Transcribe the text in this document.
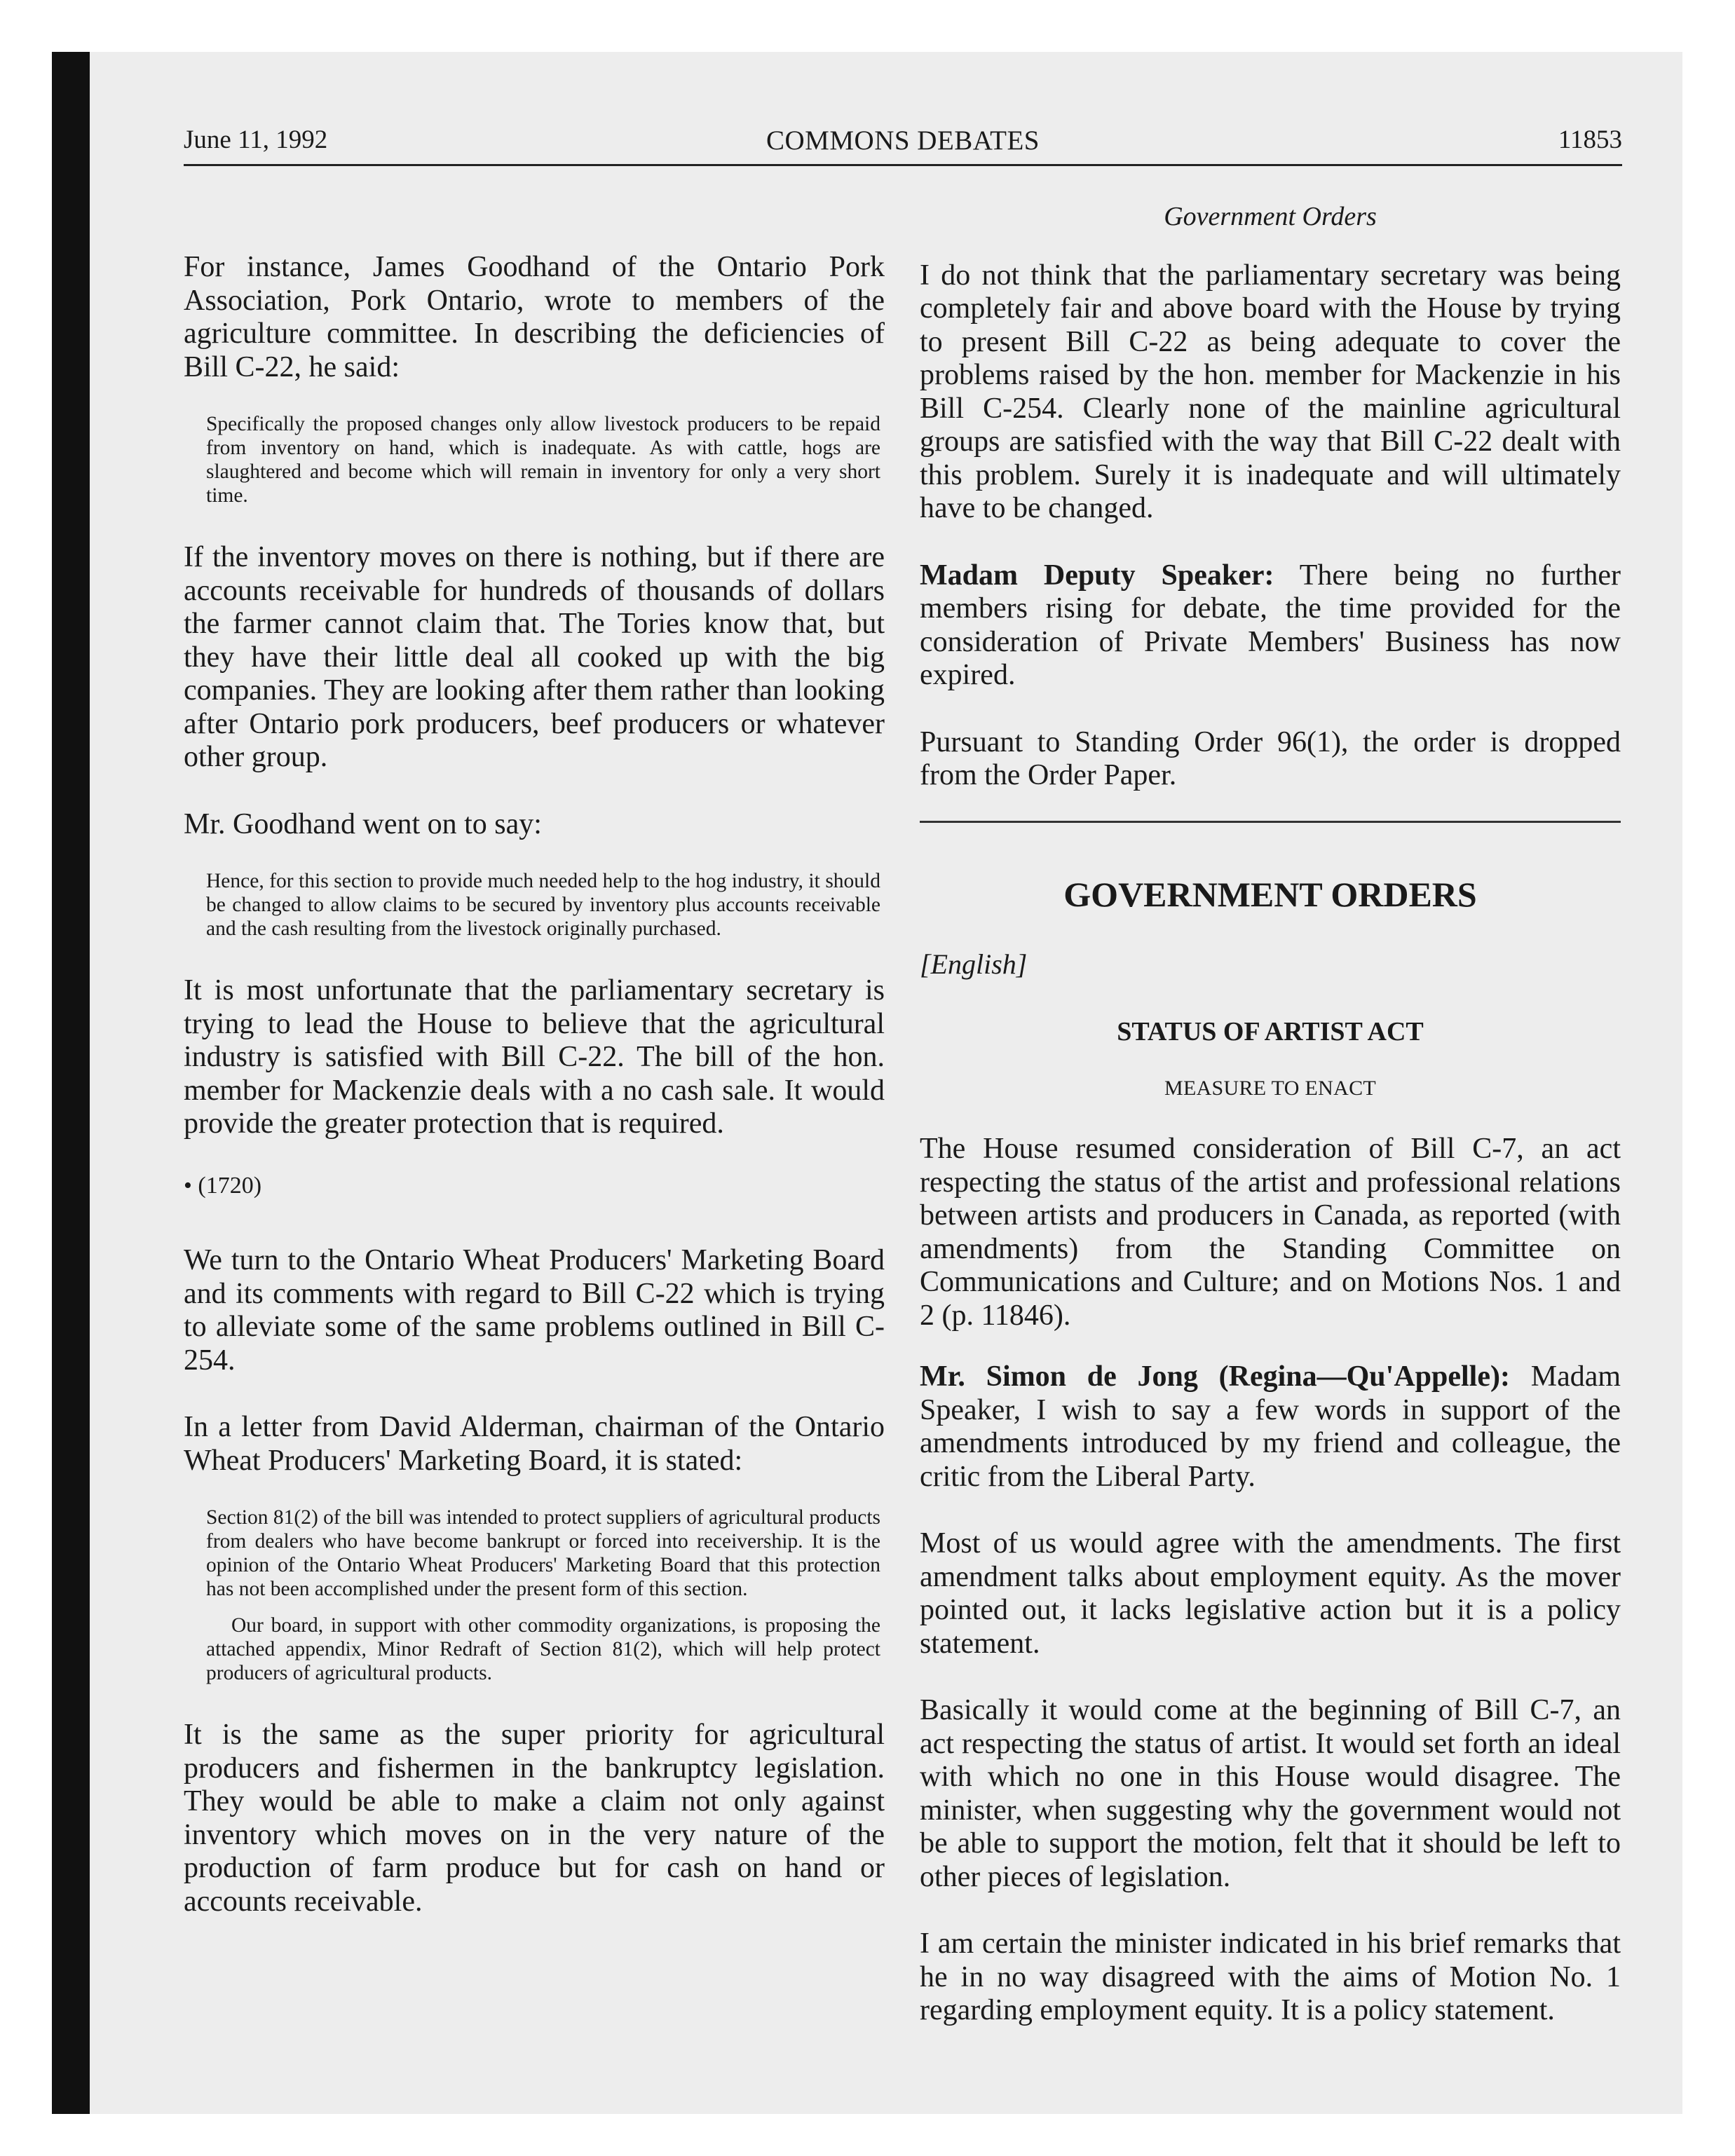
June 11, 1992	COMMONS DEBATES	11853

For instance, James Goodhand of the Ontario Pork Association, Pork Ontario, wrote to members of the agriculture committee. In describing the deficiencies of Bill C-22, he said:

Specifically the proposed changes only allow livestock producers to be repaid from inventory on hand, which is inadequate. As with cattle, hogs are slaughtered and become which will remain in inventory for only a very short time.

If the inventory moves on there is nothing, but if there are accounts receivable for hundreds of thousands of dollars the farmer cannot claim that. The Tories know that, but they have their little deal all cooked up with the big companies. They are looking after them rather than looking after Ontario pork producers, beef producers or whatever other group.

Mr. Goodhand went on to say:

Hence, for this section to provide much needed help to the hog industry, it should be changed to allow claims to be secured by inventory plus accounts receivable and the cash resulting from the livestock originally purchased.

It is most unfortunate that the parliamentary secretary is trying to lead the House to believe that the agricultural industry is satisfied with Bill C-22. The bill of the hon. member for Mackenzie deals with a no cash sale. It would provide the greater protection that is required.

• (1720)

We turn to the Ontario Wheat Producers' Marketing Board and its comments with regard to Bill C-22 which is trying to alleviate some of the same problems outlined in Bill C-254.

In a letter from David Alderman, chairman of the Ontario Wheat Producers' Marketing Board, it is stated:

Section 81(2) of the bill was intended to protect suppliers of agricultural products from dealers who have become bankrupt or forced into receivership. It is the opinion of the Ontario Wheat Producers' Marketing Board that this protection has not been accomplished under the present form of this section.

Our board, in support with other commodity organizations, is proposing the attached appendix, Minor Redraft of Section 81(2), which will help protect producers of agricultural products.

It is the same as the super priority for agricultural producers and fishermen in the bankruptcy legislation. They would be able to make a claim not only against inventory which moves on in the very nature of the production of farm produce but for cash on hand or accounts receivable.

Government Orders

I do not think that the parliamentary secretary was being completely fair and above board with the House by trying to present Bill C-22 as being adequate to cover the problems raised by the hon. member for Mackenzie in his Bill C-254. Clearly none of the mainline agricultural groups are satisfied with the way that Bill C-22 dealt with this problem. Surely it is inadequate and will ultimately have to be changed.

Madam Deputy Speaker: There being no further members rising for debate, the time provided for the consideration of Private Members' Business has now expired.

Pursuant to Standing Order 96(1), the order is dropped from the Order Paper.

GOVERNMENT ORDERS

[English]

STATUS OF ARTIST ACT

MEASURE TO ENACT

The House resumed consideration of Bill C-7, an act respecting the status of the artist and professional relations between artists and producers in Canada, as reported (with amendments) from the Standing Committee on Communications and Culture; and on Motions Nos. 1 and 2 (p. 11846).

Mr. Simon de Jong (Regina—Qu'Appelle): Madam Speaker, I wish to say a few words in support of the amendments introduced by my friend and colleague, the critic from the Liberal Party.

Most of us would agree with the amendments. The first amendment talks about employment equity. As the mover pointed out, it lacks legislative action but it is a policy statement.

Basically it would come at the beginning of Bill C-7, an act respecting the status of artist. It would set forth an ideal with which no one in this House would disagree. The minister, when suggesting why the government would not be able to support the motion, felt that it should be left to other pieces of legislation.

I am certain the minister indicated in his brief remarks that he in no way disagreed with the aims of Motion No. 1 regarding employment equity. It is a policy statement.
